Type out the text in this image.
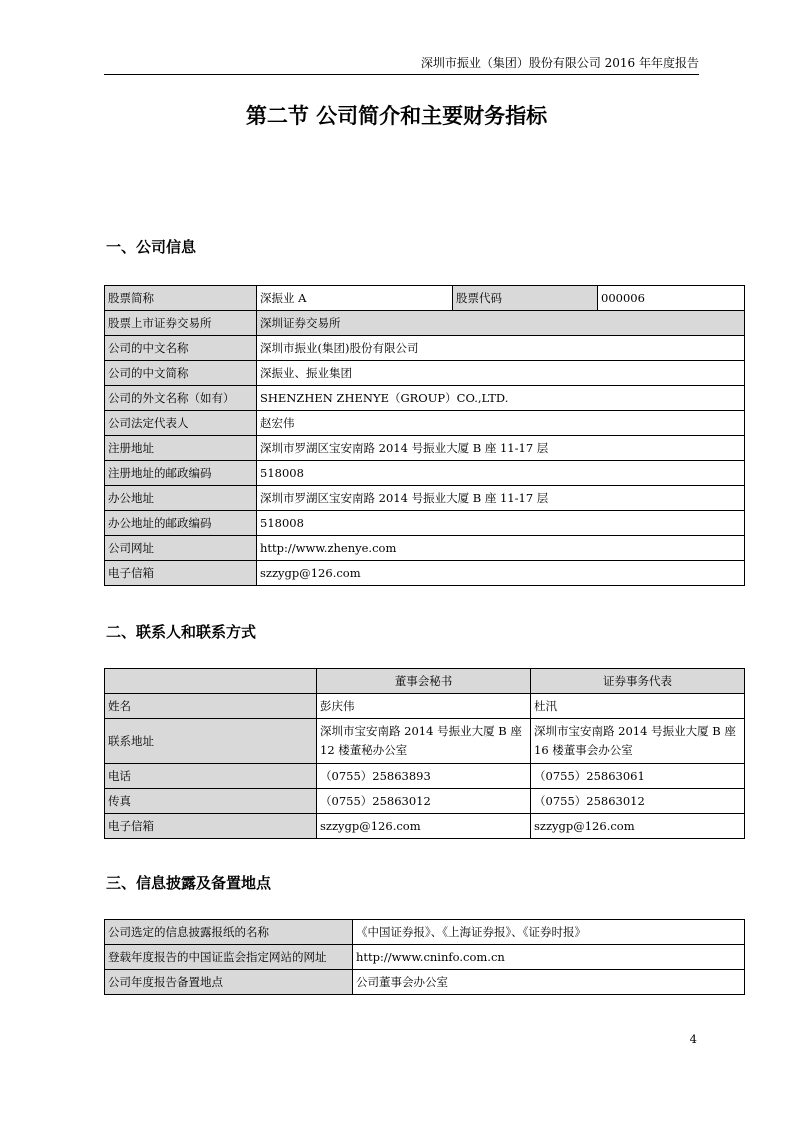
深圳市振业（集团）股份有限公司 2016 年年度报告
第二节 公司简介和主要财务指标
一、公司信息
股票简称	深振业 A	股票代码	000006
股票上市证券交易所	深圳证券交易所		
公司的中文名称	深圳市振业(集团)股份有限公司		
公司的中文简称	深振业、振业集团		
公司的外文名称（如有）	SHENZHEN ZHENYE（GROUP）CO.,LTD.		
公司法定代表人	赵宏伟		
注册地址	深圳市罗湖区宝安南路 2014 号振业大厦 B 座 11-17 层		
注册地址的邮政编码	518008		
办公地址	深圳市罗湖区宝安南路 2014 号振业大厦 B 座 11-17 层		
办公地址的邮政编码	518008		
公司网址	http://www.zhenye.com		
电子信箱	szzygp@126.com		
二、联系人和联系方式
	董事会秘书	证券事务代表
姓名	彭庆伟	杜汛
联系地址	深圳市宝安南路 2014 号振业大厦 B 座 12 楼董秘办公室	深圳市宝安南路 2014 号振业大厦 B 座 16 楼董事会办公室
电话	（0755）25863893	（0755）25863061
传真	（0755）25863012	（0755）25863012
电子信箱	szzygp@126.com	szzygp@126.com
三、信息披露及备置地点
公司选定的信息披露报纸的名称	《中国证券报》、《上海证券报》、《证券时报》
登载年度报告的中国证监会指定网站的网址	http://www.cninfo.com.cn
公司年度报告备置地点	公司董事会办公室
4
